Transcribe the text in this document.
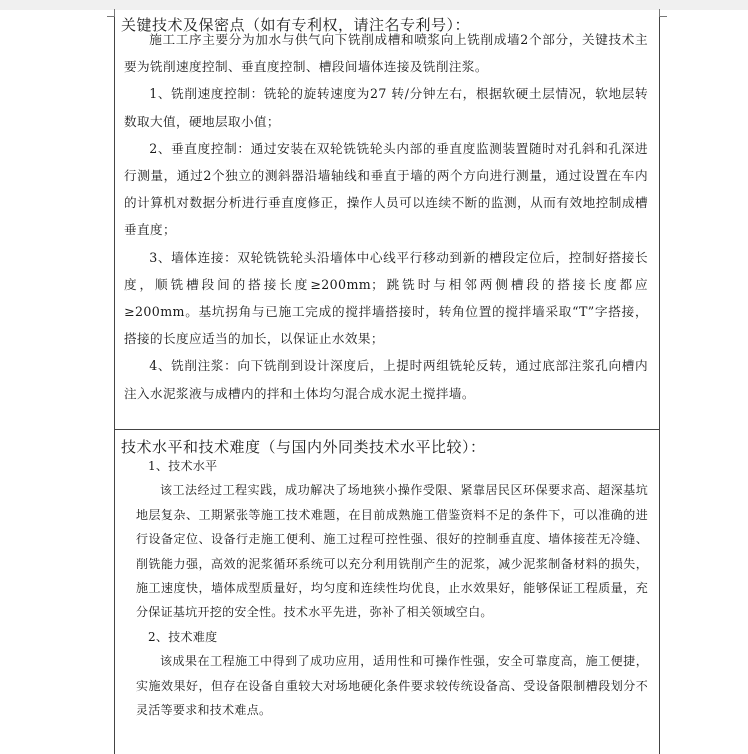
关键技术及保密点（如有专利权，请注名专利号）：
技术水平和技术难度（与国内外同类技术水平比较）：

施工工序主要分为加水与供气向下铣削成槽和喷浆向上铣削成墙2个部分，关键技术主要为铣削速度控制、垂直度控制、槽段间墙体连接及铣削注浆。

1、铣削速度控制：铣轮的旋转速度为27 转/分钟左右，根据软硬土层情况，软地层转数取大值，硬地层取小值；

2、垂直度控制：通过安装在双轮铣铣轮头内部的垂直度监测装置随时对孔斜和孔深进行测量，通过2个独立的测斜器沿墙轴线和垂直于墙的两个方向进行测量，通过设置在车内的计算机对数据分析进行垂直度修正，操作人员可以连续不断的监测，从而有效地控制成槽垂直度；

3、墙体连接：双轮铣铣轮头沿墙体中心线平行移动到新的槽段定位后，控制好搭接长度，顺铣槽段间的搭接长度≥200mm；跳铣时与相邻两侧槽段的搭接长度都应≥200mm。基坑拐角与已施工完成的搅拌墙搭接时，转角位置的搅拌墙采取“T”字搭接，搭接的长度应适当的加长，以保证止水效果；

4、铣削注浆：向下铣削到设计深度后，上提时两组铣轮反转，通过底部注浆孔向槽内注入水泥浆液与成槽内的拌和土体均匀混合成水泥土搅拌墙。

1、技术水平

该工法经过工程实践，成功解决了场地狭小操作受限、紧靠居民区环保要求高、超深基坑地层复杂、工期紧张等施工技术难题，在目前成熟施工借鉴资料不足的条件下，可以准确的进行设备定位、设备行走施工便利、施工过程可控性强、很好的控制垂直度、墙体接茬无冷缝、削铣能力强，高效的泥浆循环系统可以充分利用铣削产生的泥浆，减少泥浆制备材料的损失，施工速度快，墙体成型质量好，均匀度和连续性均优良，止水效果好，能够保证工程质量，充分保证基坑开挖的安全性。技术水平先进，弥补了相关领域空白。

2、技术难度

该成果在工程施工中得到了成功应用，适用性和可操作性强，安全可靠度高，施工便捷，实施效果好，但存在设备自重较大对场地硬化条件要求较传统设备高、受设备限制槽段划分不灵活等要求和技术难点。
